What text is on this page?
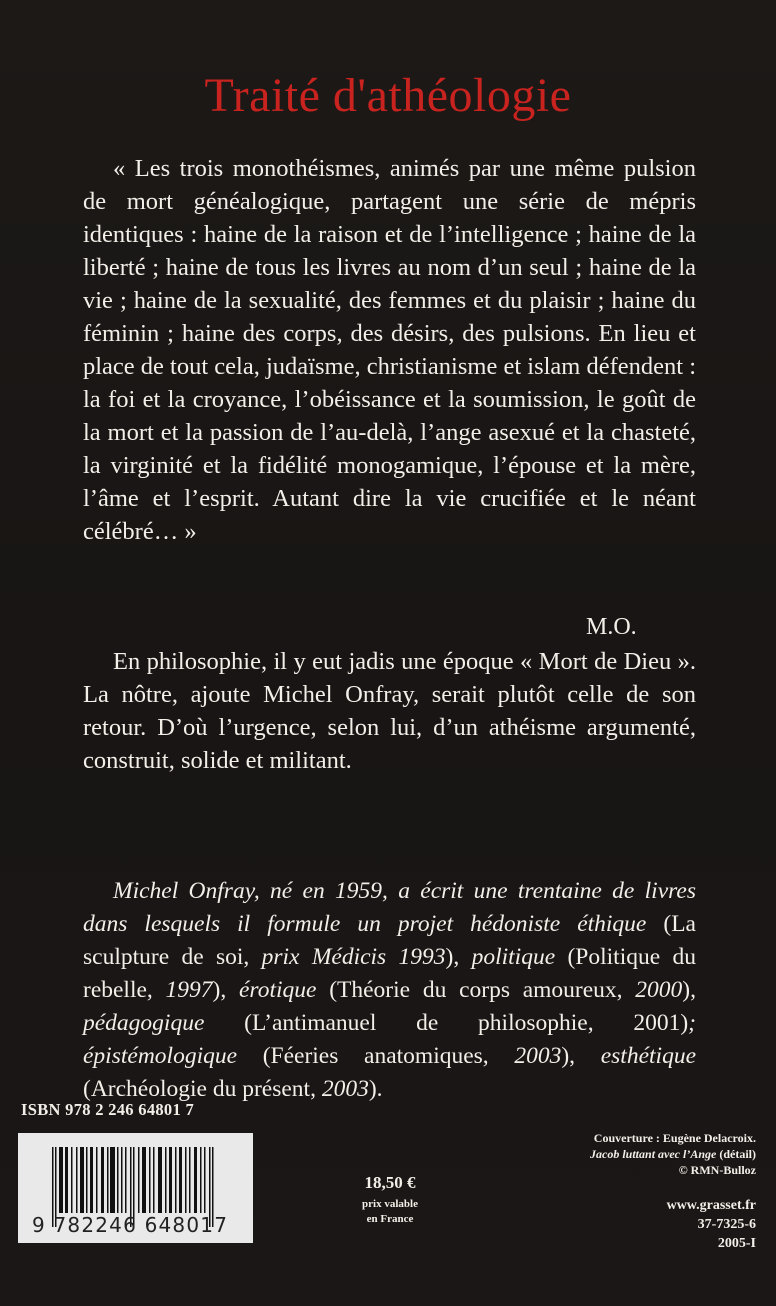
Traité d'athéologie

« Les trois monothéismes, animés par une même pulsion de mort généalogique, partagent une série de mépris identiques : haine de la raison et de l’intelligence ; haine de la liberté ; haine de tous les livres au nom d’un seul ; haine de la vie ; haine de la sexualité, des femmes et du plaisir ; haine du féminin ; haine des corps, des désirs, des pulsions. En lieu et place de tout cela, judaïsme, christianisme et islam défendent : la foi et la croyance, l’obéissance et la soumission, le goût de la mort et la passion de l’au-delà, l’ange asexué et la chasteté, la virginité et la fidélité monogamique, l’épouse et la mère, l’âme et l’esprit. Autant dire la vie crucifiée et le néant célébré… »

M.O.

En philosophie, il y eut jadis une époque « Mort de Dieu ». La nôtre, ajoute Michel Onfray, serait plutôt celle de son retour. D’où l’urgence, selon lui, d’un athéisme argumenté, construit, solide et militant.

Michel Onfray, né en 1959, a écrit une trentaine de livres dans lesquels il formule un projet hédoniste éthique (La sculpture de soi, prix Médicis 1993), politique (Politique du rebelle, 1997), érotique (Théorie du corps amoureux, 2000), pédagogique (L’antimanuel de philosophie, 2001); épistémologique (Féeries anatomiques, 2003), esthétique (Archéologie du présent, 2003).

ISBN 978 2 246 64801 7
9 782246 648017
18,50 €
prix valable
en France
Couverture : Eugène Delacroix.
Jacob luttant avec l’Ange (détail)
© RMN-Bulloz
www.grasset.fr
37-7325-6
2005-I
